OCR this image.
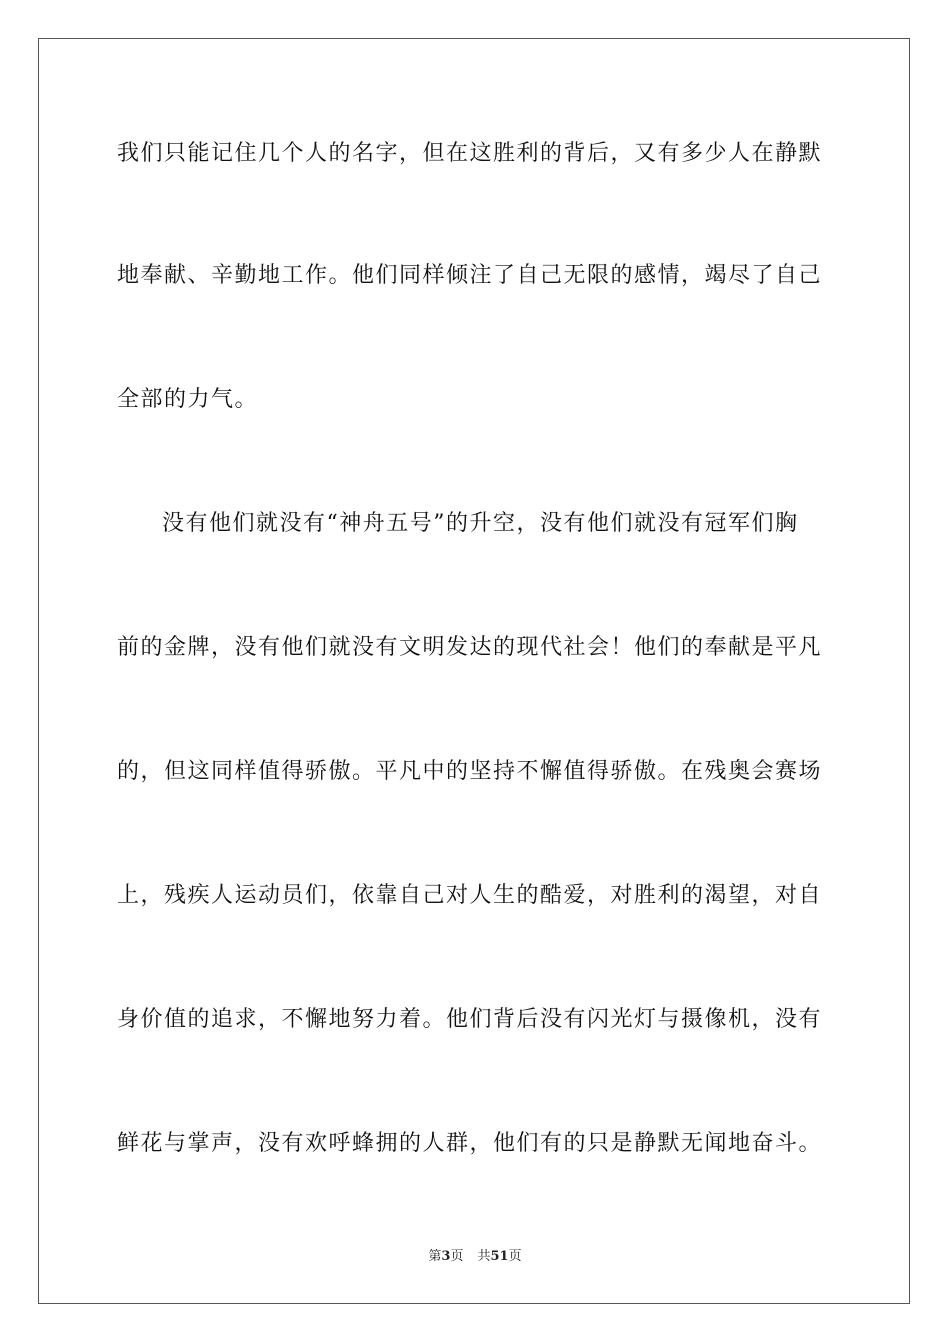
我们只能记住几个人的名字，但在这胜利的背后，又有多少人在静默
地奉献、辛勤地工作。他们同样倾注了自己无限的感情，竭尽了自己
全部的力气。
没有他们就没有“神舟五号”的升空，没有他们就没有冠军们胸
前的金牌，没有他们就没有文明发达的现代社会！他们的奉献是平凡
的，但这同样值得骄傲。平凡中的坚持不懈值得骄傲。在残奥会赛场
上，残疾人运动员们，依靠自己对人生的酷爱，对胜利的渴望，对自
身价值的追求，不懈地努力着。他们背后没有闪光灯与摄像机，没有
鲜花与掌声，没有欢呼蜂拥的人群，他们有的只是静默无闻地奋斗。
第3页 共51页
